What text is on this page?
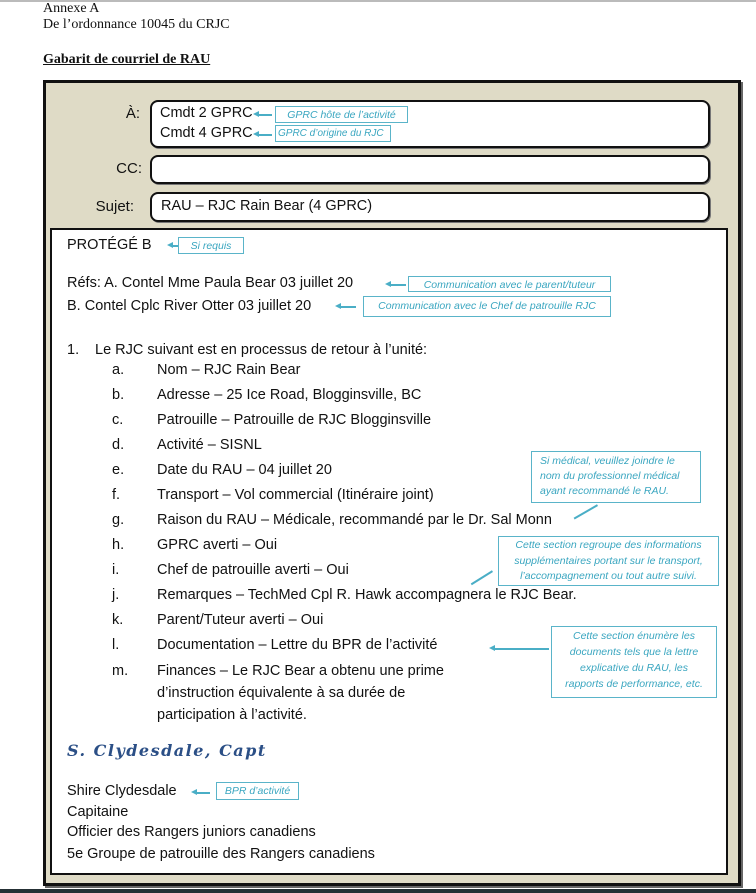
Annexe A
De l’ordonnance 10045 du CRJC
Gabarit de courriel de RAU
À: Cmdt 2 GPRC
Cmdt 4 GPRC
GPRC hôte de l’activité
GPRC d’origine du RJC
CC:
Sujet: RAU – RJC Rain Bear (4 GPRC)
PROTÉGÉ B	Si requis
Réfs: A. Contel Mme Paula Bear 03 juillet 20	Communication avec le parent/tuteur
B. Contel Cplc River Otter 03 juillet 20	Communication avec le Chef de patrouille RJC
1. Le RJC suivant est en processus de retour à l’unité:
a. Nom – RJC Rain Bear
b. Adresse – 25 Ice Road, Blogginsville, BC
c. Patrouille – Patrouille de RJC Blogginsville
d. Activité – SISNL
e. Date du RAU – 04 juillet 20
f.	Transport – Vol commercial (Itinéraire joint)
g. Raison du RAU – Médicale, recommandé par le Dr. Sal Monn
h. GPRC averti – Oui
i.	Chef de patrouille averti – Oui
j.	Remarques – TechMed Cpl R. Hawk accompagnera le RJC Bear.
k. Parent/Tuteur averti – Oui
l.	Documentation – Lettre du BPR de l’activité
m. Finances – Le RJC Bear a obtenu une prime
d’instruction équivalente à sa durée de
participation à l’activité.
Si médical, veuillez joindre le
nom du professionnel médical
ayant recommandé le RAU.
Cette section regroupe des informations
supplémentaires portant sur le transport,
l’accompagnement ou tout autre suivi.
Cette section énumère les
documents tels que la lettre
explicative du RAU, les
rapports de performance, etc.
S. Clydesdale, Capt
Shire Clydesdale	BPR d’activité
Capitaine
Officier des Rangers juniors canadiens
5e Groupe de patrouille des Rangers canadiens
